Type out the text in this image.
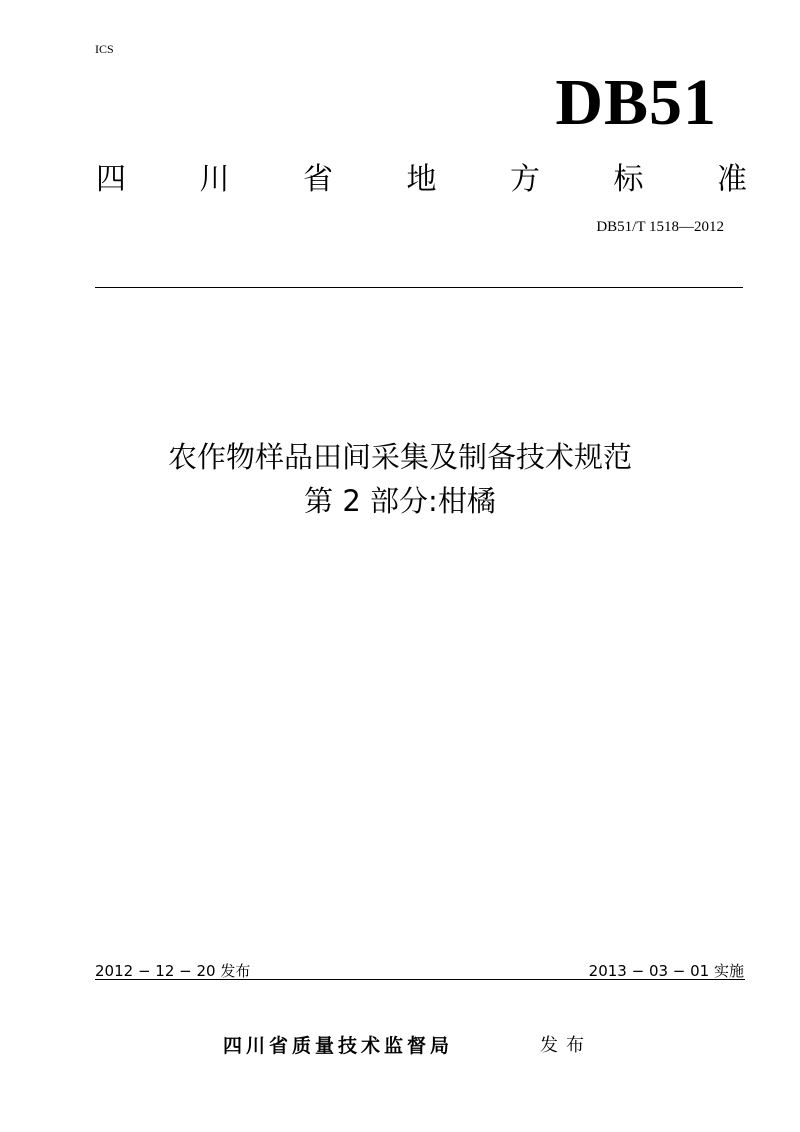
ICS
DB51
四 川 省 地 方 标 准
DB51/T 1518—2012
农作物样品田间采集及制备技术规范
第 2 部分:柑橘
2012 − 12 − 20 发布	2013 − 03 − 01 实施
四川省质量技术监督局	发布
